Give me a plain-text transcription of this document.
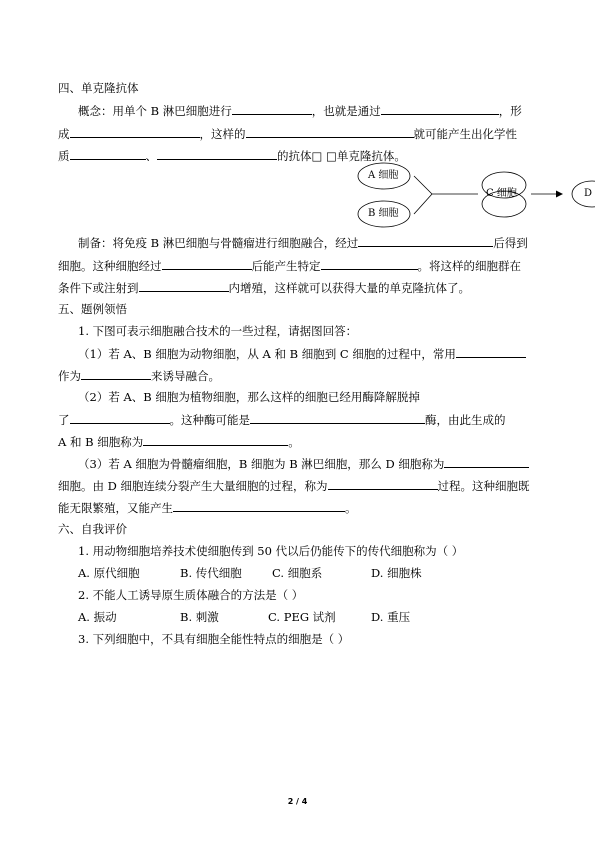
四、单克隆抗体
概念：用单个 B 淋巴细胞进行	，也就是通过	，形
成	，这样的	就可能产生出化学性
质	、	的抗体□ □单克隆抗体。
A 细胞
B 细胞
C 细胞	D
制备：将免疫 B 淋巴细胞与骨髓瘤进行细胞融合，经过	后得到
细胞。这种细胞经过	后能产生特定	。将这样的细胞群在
条件下或注射到	内增殖，这样就可以获得大量的单克隆抗体了。
五、题例领悟
1. 下图可表示细胞融合技术的一些过程，请据图回答：
（1）若 A、B 细胞为动物细胞，从 A 和 B 细胞到 C 细胞的过程中，常用
作为	来诱导融合。
（2）若 A、B 细胞为植物细胞，那么这样的细胞已经用酶降解脱掉
了	。这种酶可能是	酶，由此生成的
A 和 B 细胞称为	。
（3）若 A 细胞为骨髓瘤细胞，B 细胞为 B 淋巴细胞，那么 D 细胞称为
细胞。由 D 细胞连续分裂产生大量细胞的过程，称为	过程。这种细胞既
能无限繁殖，又能产生	。
六、自我评价
1. 用动物细胞培养技术使细胞传到 50 代以后仍能传下的传代细胞称为（ ）
A. 原代细胞	B. 传代细胞	C. 细胞系	D. 细胞株
2. 不能人工诱导原生质体融合的方法是（ ）
A. 振动	B. 刺激	C. PEG 试剂	D. 重压
3. 下列细胞中，不具有细胞全能性特点的细胞是（ ）
2 / 4
